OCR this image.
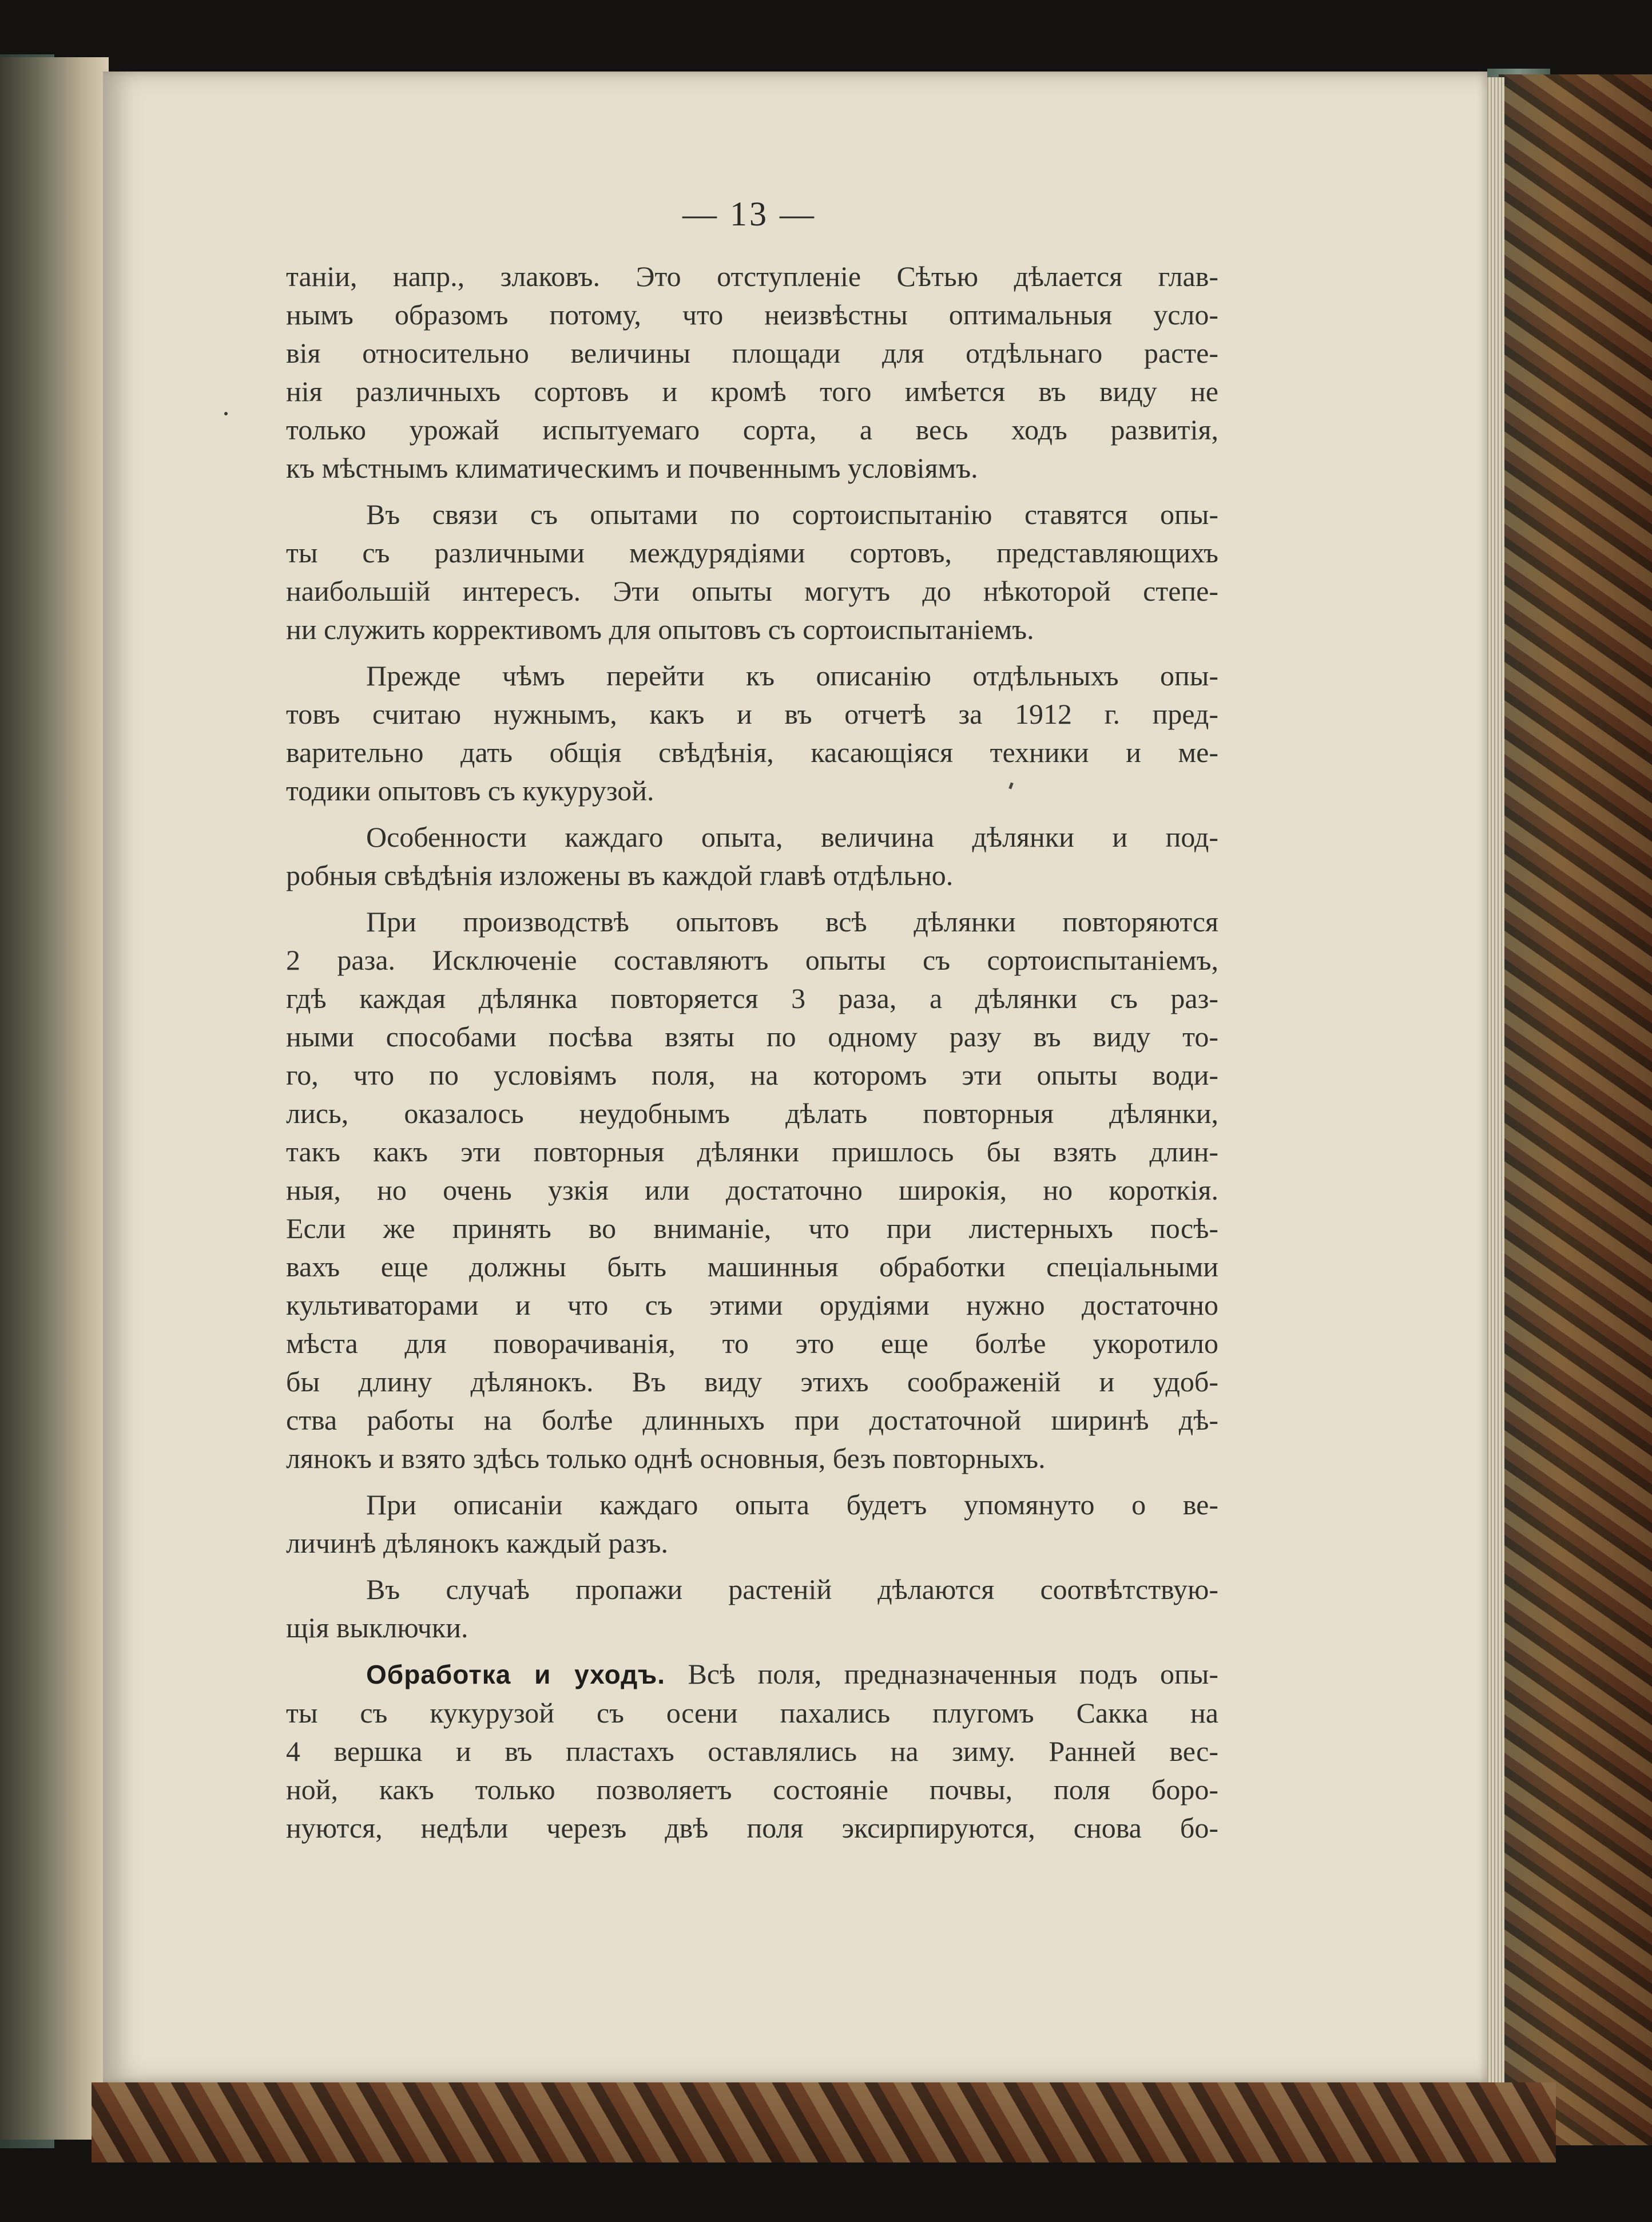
— 13 —
таніи, напр., злаковъ. Это отступленіе Сѣтью дѣлается глав-
нымъ образомъ потому, что неизвѣстны оптимальныя усло-
вія относительно величины площади для отдѣльнаго расте-
нія различныхъ сортовъ и кромѣ того имѣется въ виду не
только урожай испытуемаго сорта, а весь ходъ развитія,
къ мѣстнымъ климатическимъ и почвеннымъ условіямъ.
Въ связи съ опытами по сортоиспытанію ставятся опы-
ты съ различными междурядіями сортовъ, представляющихъ
наибольшій интересъ. Эти опыты могутъ до нѣкоторой степе-
ни служить коррективомъ для опытовъ съ сортоиспытаніемъ.
Прежде чѣмъ перейти къ описанію отдѣльныхъ опы-
товъ считаю нужнымъ, какъ и въ отчетѣ за 1912 г. пред-
варительно дать общія свѣдѣнія, касающіяся техники и ме-
тодики опытовъ съ кукурузой.
Особенности каждаго опыта, величина дѣлянки и под-
робныя свѣдѣнія изложены въ каждой главѣ отдѣльно.
При производствѣ опытовъ всѣ дѣлянки повторяются
2 раза. Исключеніе составляютъ опыты съ сортоиспытаніемъ,
гдѣ каждая дѣлянка повторяется 3 раза, а дѣлянки съ раз-
ными способами посѣва взяты по одному разу въ виду то-
го, что по условіямъ поля, на которомъ эти опыты води-
лись, оказалось неудобнымъ дѣлать повторныя дѣлянки,
такъ какъ эти повторныя дѣлянки пришлось бы взять длин-
ныя, но очень узкія или достаточно широкія, но короткія.
Если же принять во вниманіе, что при листерныхъ посѣ-
вахъ еще должны быть машинныя обработки спеціальными
культиваторами и что съ этими орудіями нужно достаточно
мѣста для поворачиванія, то это еще болѣе укоротило
бы длину дѣлянокъ. Въ виду этихъ соображеній и удоб-
ства работы на болѣе длинныхъ при достаточной ширинѣ дѣ-
лянокъ и взято здѣсь только однѣ основныя, безъ повторныхъ.
При описаніи каждаго опыта будетъ упомянуто о ве-
личинѣ дѣлянокъ каждый разъ.
Въ случаѣ пропажи растеній дѣлаются соотвѣтствую-
щія выключки.
Обработка и уходъ. Всѣ поля, предназначенныя подъ опы-
ты съ кукурузой съ осени пахались плугомъ Сакка на
4 вершка и въ пластахъ оставлялись на зиму. Ранней вес-
ной, какъ только позволяетъ состояніе почвы, поля боро-
нуются, недѣли черезъ двѣ поля эксирпируются, снова бо-
